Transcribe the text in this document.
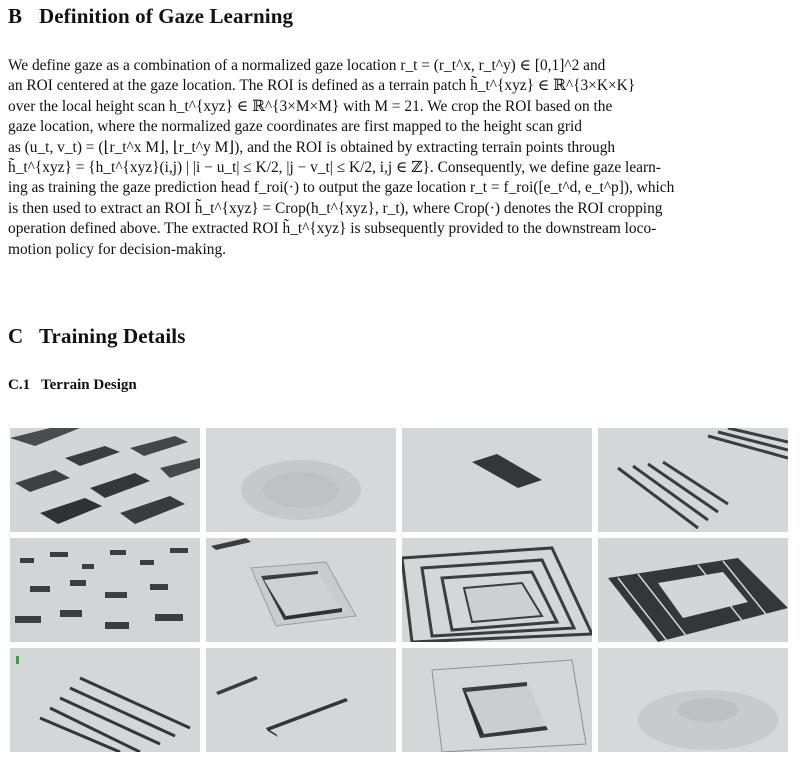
B Definition of Gaze Learning

We define gaze as a combination of a normalized gaze location r_t = (r_t^x, r_t^y) ∈ [0,1]^2 and

an ROI centered at the gaze location. The ROI is defined as a terrain patch h̃_t^{xyz} ∈ ℝ^{3×K×K}

over the local height scan h_t^{xyz} ∈ ℝ^{3×M×M} with M = 21. We crop the ROI based on the

gaze location, where the normalized gaze coordinates are first mapped to the height scan grid

as (u_t, v_t) = (⌊r_t^x M⌋, ⌊r_t^y M⌋), and the ROI is obtained by extracting terrain points through

h̃_t^{xyz} = {h_t^{xyz}(i,j) | |i − u_t| ≤ K/2, |j − v_t| ≤ K/2, i,j ∈ ℤ}. Consequently, we define gaze learn-

ing as training the gaze prediction head f_roi(·) to output the gaze location r_t = f_roi([e_t^d, e_t^p]), which

is then used to extract an ROI h̃_t^{xyz} = Crop(h_t^{xyz}, r_t), where Crop(·) denotes the ROI cropping

operation defined above. The extracted ROI h̃_t^{xyz} is subsequently provided to the downstream loco-

motion policy for decision-making.

C Training Details
C.1 Terrain Design
